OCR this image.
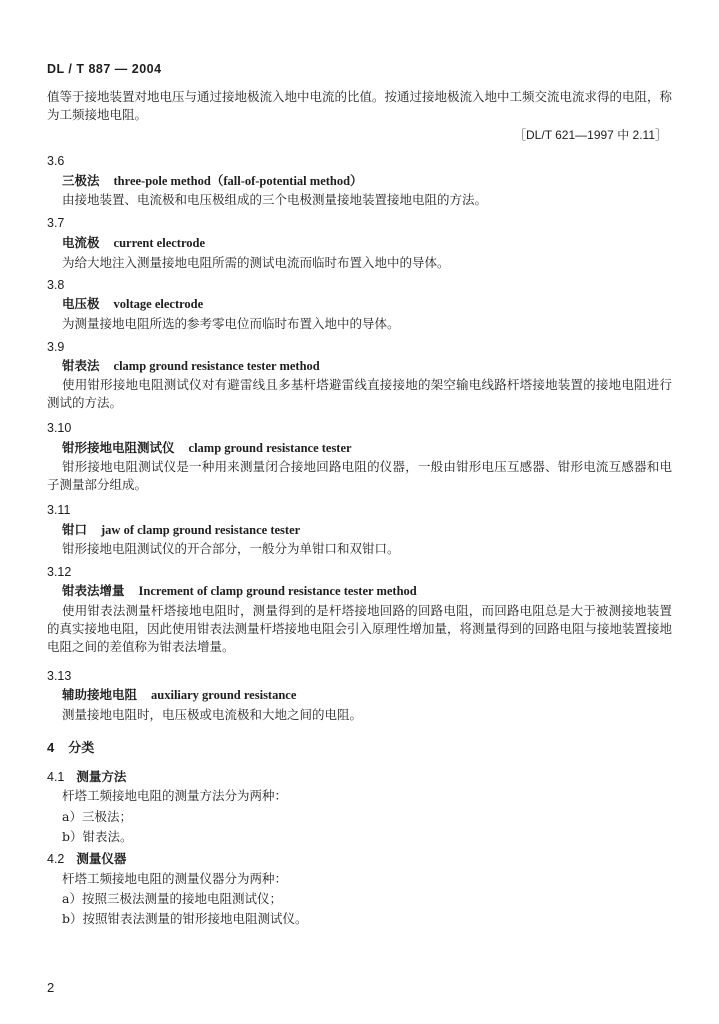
DL / T 887 — 2004
值等于接地装置对地电压与通过接地极流入地中电流的比值。按通过接地极流入地中工频交流电流求得的电阻，称为工频接地电阻。
［DL/T 621—1997 中 2.11］
3.6
三极法 three-pole method（fall-of-potential method）
由接地装置、电流极和电压极组成的三个电极测量接地装置接地电阻的方法。
3.7
电流极 current electrode
为给大地注入测量接地电阻所需的测试电流而临时布置入地中的导体。
3.8
电压极 voltage electrode
为测量接地电阻所选的参考零电位而临时布置入地中的导体。
3.9
钳表法 clamp ground resistance tester method
使用钳形接地电阻测试仪对有避雷线且多基杆塔避雷线直接接地的架空输电线路杆塔接地装置的接地电阻进行测试的方法。
3.10
钳形接地电阻测试仪 clamp ground resistance tester
钳形接地电阻测试仪是一种用来测量闭合接地回路电阻的仪器，一般由钳形电压互感器、钳形电流互感器和电子测量部分组成。
3.11
钳口 jaw of clamp ground resistance tester
钳形接地电阻测试仪的开合部分，一般分为单钳口和双钳口。
3.12
钳表法增量 Increment of clamp ground resistance tester method
使用钳表法测量杆塔接地电阻时，测量得到的是杆塔接地回路的回路电阻，而回路电阻总是大于被测接地装置的真实接地电阻，因此使用钳表法测量杆塔接地电阻会引入原理性增加量，将测量得到的回路电阻与接地装置接地电阻之间的差值称为钳表法增量。
3.13
辅助接地电阻 auxiliary ground resistance
测量接地电阻时，电压极或电流极和大地之间的电阻。
4 分类
4.1 测量方法
杆塔工频接地电阻的测量方法分为两种：
a）三极法；
b）钳表法。
4.2 测量仪器
杆塔工频接地电阻的测量仪器分为两种：
a）按照三极法测量的接地电阻测试仪；
b）按照钳表法测量的钳形接地电阻测试仪。
2
